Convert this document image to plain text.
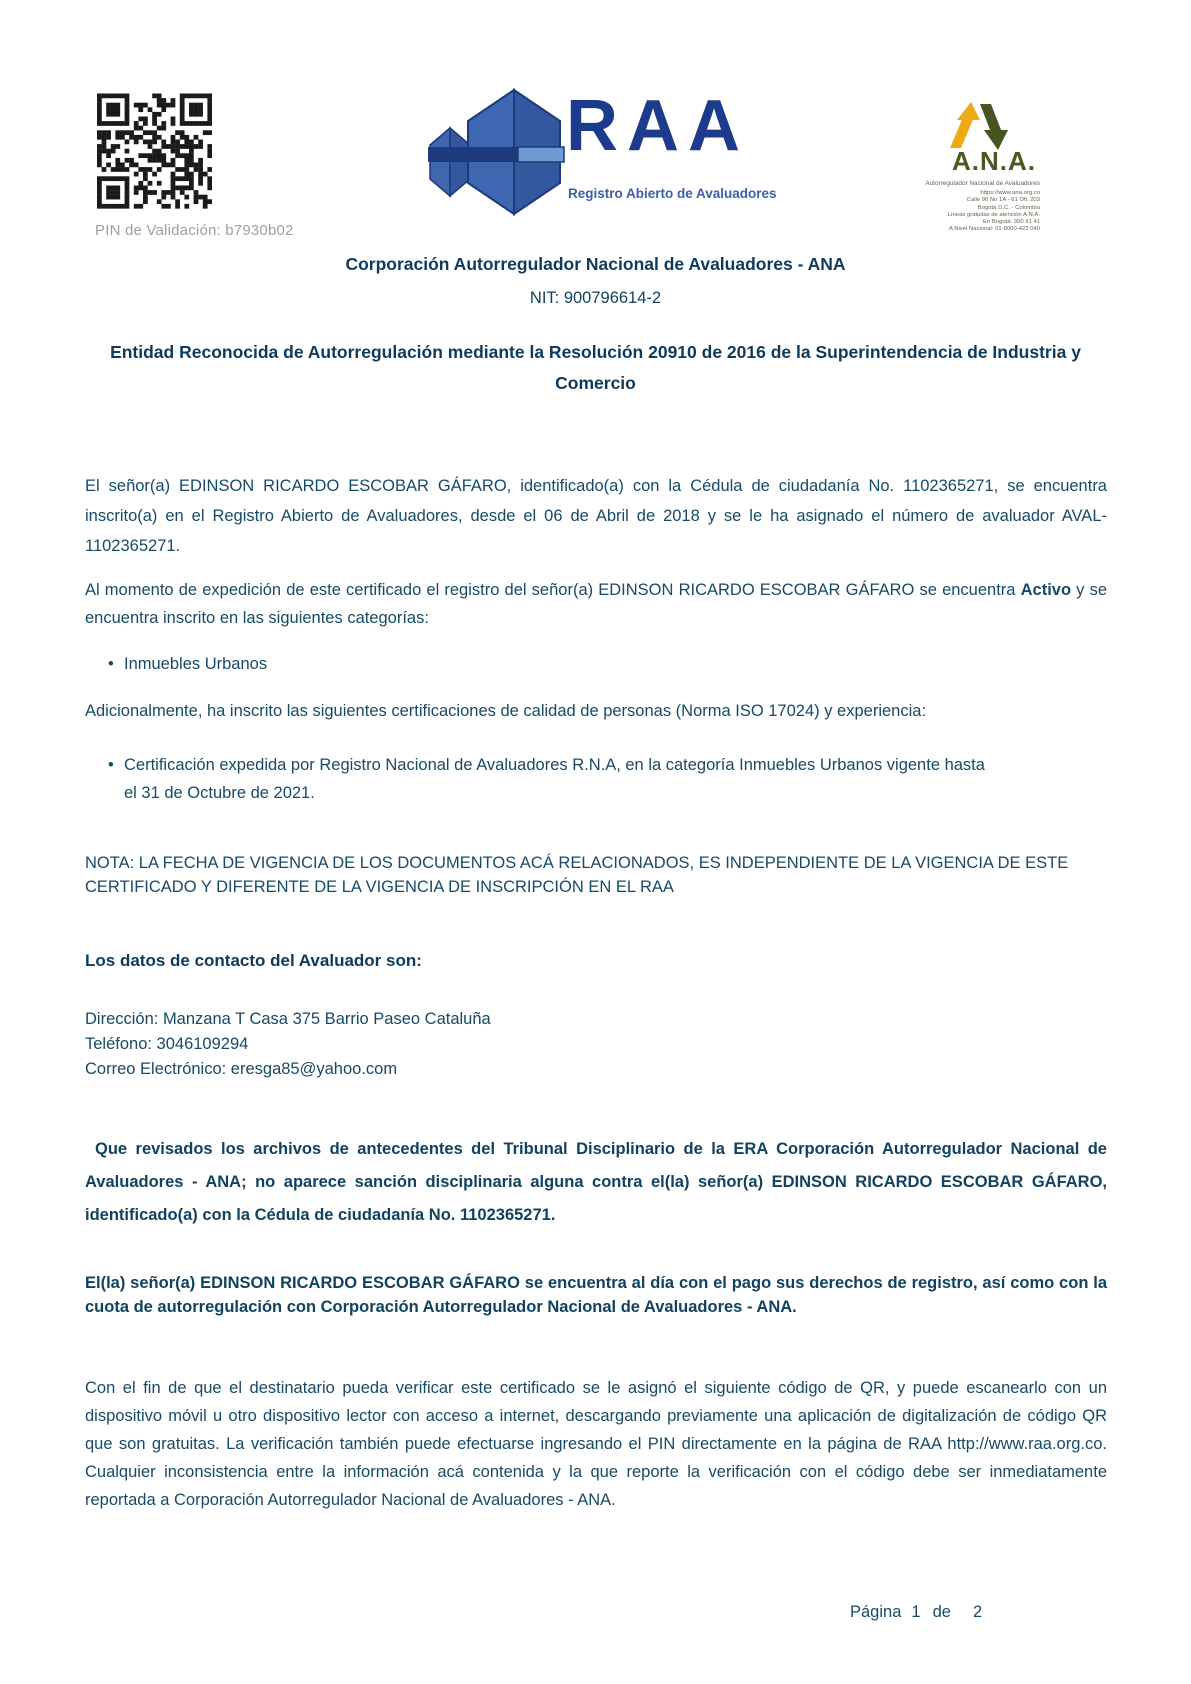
PIN de Validación: b7930b02
RAA
Registro Abierto de Avaluadores
A.N.A.
Autorregulador Nacional de Avaluadores
https://www.ana.org.co
Calle 90 No 1A - 61 Ofi. 203
Bogotá D.C. - Colombia
Líneas gratuitas de atención A.N.A.
En Bogotá: 300 91 41
A Nivel Nacional: 01-8000-423 040
Corporación Autorregulador Nacional de Avaluadores - ANA
NIT: 900796614-2
Entidad Reconocida de Autorregulación mediante la Resolución 20910 de 2016 de la Superintendencia de Industria y Comercio
El señor(a) EDINSON RICARDO ESCOBAR GÁFARO, identificado(a) con la Cédula de ciudadanía No. 1102365271, se encuentra inscrito(a) en el Registro Abierto de Avaluadores, desde el 06 de Abril de 2018 y se le ha asignado el número de avaluador AVAL-1102365271.
Al momento de expedición de este certificado el registro del señor(a) EDINSON RICARDO ESCOBAR GÁFARO se encuentra Activo y se encuentra inscrito en las siguientes categorías:
• Inmuebles Urbanos
Adicionalmente, ha inscrito las siguientes certificaciones de calidad de personas (Norma ISO 17024) y experiencia:
• Certificación expedida por Registro Nacional de Avaluadores R.N.A, en la categoría Inmuebles Urbanos vigente hasta el 31 de Octubre de 2021.
NOTA: LA FECHA DE VIGENCIA DE LOS DOCUMENTOS ACÁ RELACIONADOS, ES INDEPENDIENTE DE LA VIGENCIA DE ESTE CERTIFICADO Y DIFERENTE DE LA VIGENCIA DE INSCRIPCIÓN EN EL RAA
Los datos de contacto del Avaluador son:
Dirección: Manzana T Casa 375 Barrio Paseo Cataluña
Teléfono: 3046109294
Correo Electrónico: eresga85@yahoo.com
Que revisados los archivos de antecedentes del Tribunal Disciplinario de la ERA Corporación Autorregulador Nacional de Avaluadores - ANA; no aparece sanción disciplinaria alguna contra el(la) señor(a) EDINSON RICARDO ESCOBAR GÁFARO, identificado(a) con la Cédula de ciudadanía No. 1102365271.
El(la) señor(a) EDINSON RICARDO ESCOBAR GÁFARO se encuentra al día con el pago sus derechos de registro, así como con la cuota de autorregulación con Corporación Autorregulador Nacional de Avaluadores - ANA.
Con el fin de que el destinatario pueda verificar este certificado se le asignó el siguiente código de QR, y puede escanearlo con un dispositivo móvil u otro dispositivo lector con acceso a internet, descargando previamente una aplicación de digitalización de código QR que son gratuitas. La verificación también puede efectuarse ingresando el PIN directamente en la página de RAA http://www.raa.org.co. Cualquier inconsistencia entre la información acá contenida y la que reporte la verificación con el código debe ser inmediatamente reportada a Corporación Autorregulador Nacional de Avaluadores - ANA.
Página 1 de 2
